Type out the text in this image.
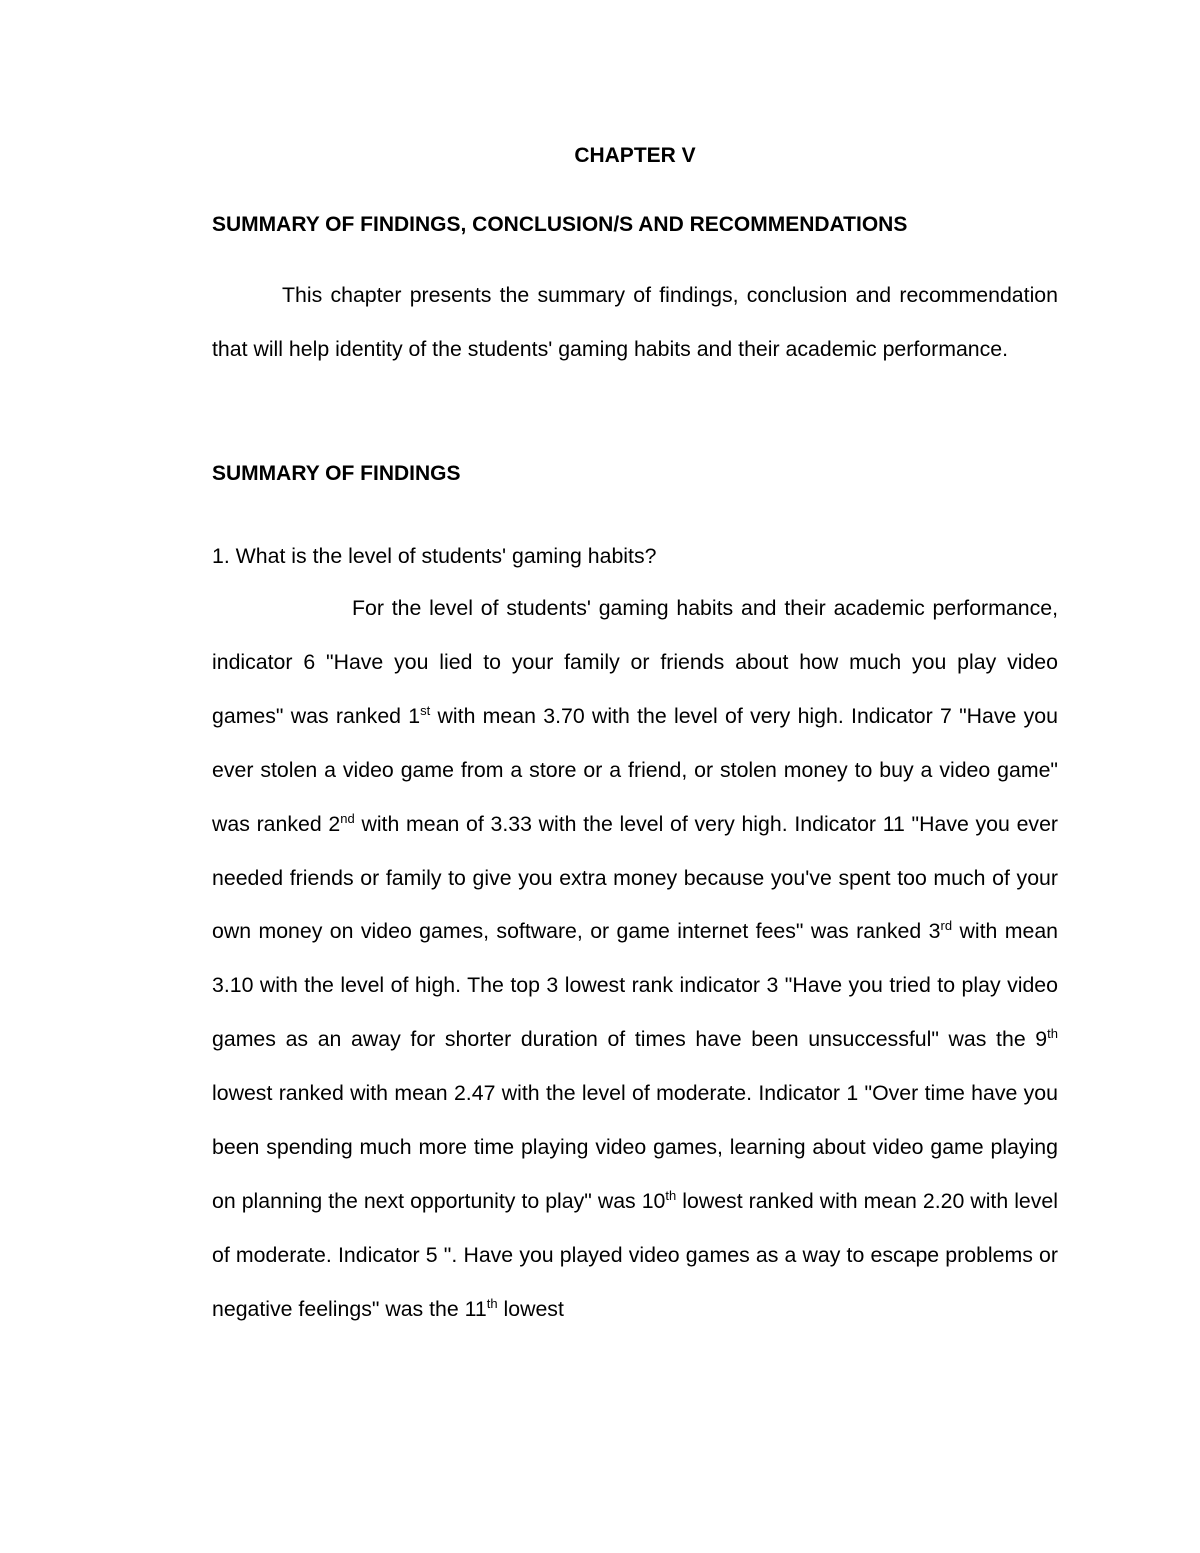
CHAPTER V
SUMMARY OF FINDINGS, CONCLUSION/S AND RECOMMENDATIONS

This chapter presents the summary of findings, conclusion and recommendation that will help identity of the students' gaming habits and their academic performance.

SUMMARY OF FINDINGS
1. What is the level of students' gaming habits?

For the level of students' gaming habits and their academic performance, indicator 6 "Have you lied to your family or friends about how much you play video games" was ranked 1st with mean 3.70 with the level of very high. Indicator 7 "Have you ever stolen a video game from a store or a friend, or stolen money to buy a video game" was ranked 2nd with mean of 3.33 with the level of very high. Indicator 11 "Have you ever needed friends or family to give you extra money because you've spent too much of your own money on video games, software, or game internet fees" was ranked 3rd with mean 3.10 with the level of high. The top 3 lowest rank indicator 3 "Have you tried to play video games as an away for shorter duration of times have been unsuccessful" was the 9th lowest ranked with mean 2.47 with the level of moderate. Indicator 1 "Over time have you been spending much more time playing video games, learning about video game playing on planning the next opportunity to play" was 10th lowest ranked with mean 2.20 with level of moderate. Indicator 5 ". Have you played video games as a way to escape problems or negative feelings" was the 11th lowest
